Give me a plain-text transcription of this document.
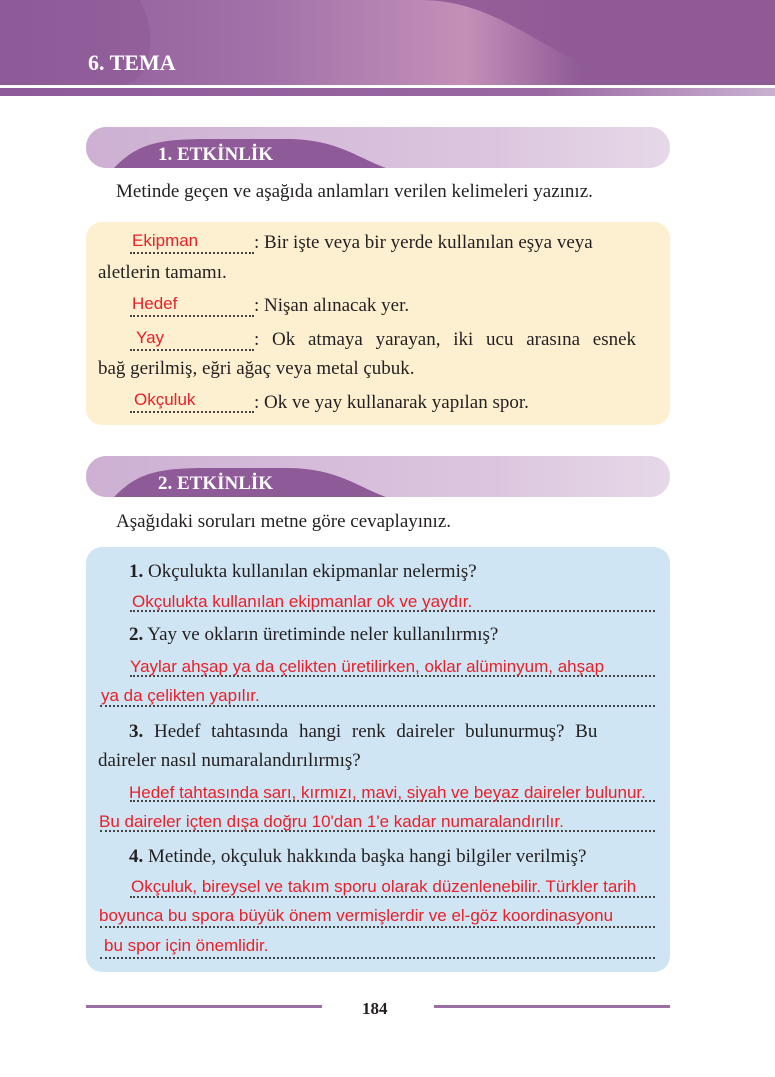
6. TEMA
1. ETKİNLİK
Metinde geçen ve aşağıda anlamları verilen kelimeleri yazınız.
Ekipman	: Bir işte veya bir yerde kullanılan eşya veya
aletlerin tamamı.
Hedef	: Nişan alınacak yer.
Yay	: Ok atmaya yarayan, iki ucu arasına esnek
bağ gerilmiş, eğri ağaç veya metal çubuk.
Okçuluk	: Ok ve yay kullanarak yapılan spor.
2. ETKİNLİK
Aşağıdaki soruları metne göre cevaplayınız.
1. Okçulukta kullanılan ekipmanlar nelermiş?
Okçulukta kullanılan ekipmanlar ok ve yaydır.
2. Yay ve okların üretiminde neler kullanılırmış?
Yaylar ahşap ya da çelikten üretilirken, oklar alüminyum, ahşap
ya da çelikten yapılır.
3. Hedef tahtasında hangi renk daireler bulunurmuş? Bu
daireler nasıl numaralandırılırmış?
Hedef tahtasında sarı, kırmızı, mavi, siyah ve beyaz daireler bulunur.
Bu daireler içten dışa doğru 10'dan 1'e kadar numaralandırılır.
4. Metinde, okçuluk hakkında başka hangi bilgiler verilmiş?
Okçuluk, bireysel ve takım sporu olarak düzenlenebilir. Türkler tarih
boyunca bu spora büyük önem vermişlerdir ve el-göz koordinasyonu
bu spor için önemlidir.
184
